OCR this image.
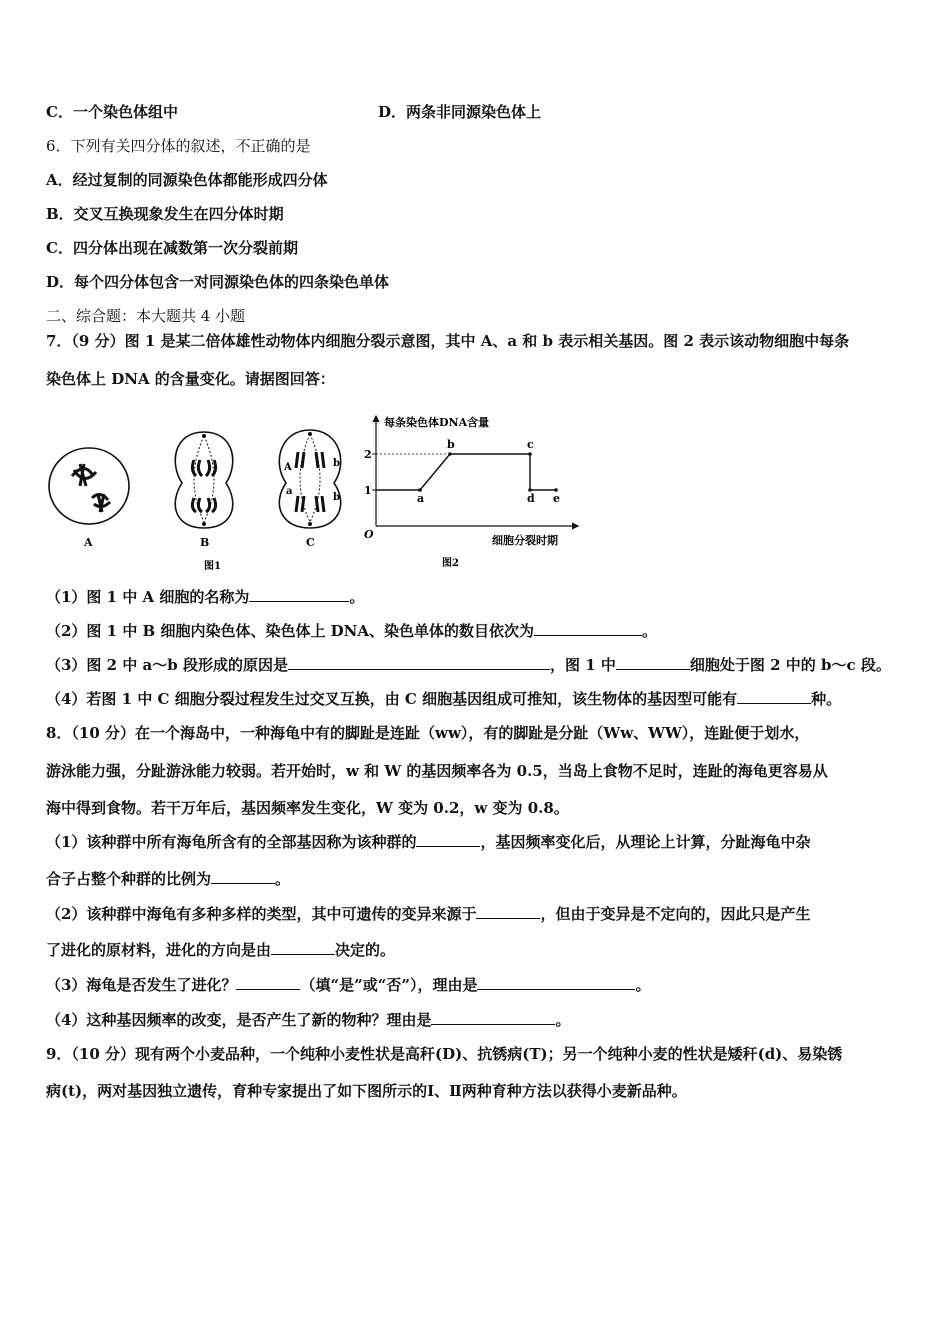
C．一个染色体组中	D．两条非同源染色体上
6．下列有关四分体的叙述，不正确的是
A．经过复制的同源染色体都能形成四分体
B．交叉互换现象发生在四分体时期
C．四分体出现在减数第一次分裂前期
D．每个四分体包含一对同源染色体的四条染色单体
二、综合题：本大题共 4 小题
7．（9 分）图 1 是某二倍体雄性动物体内细胞分裂示意图，其中 A、a 和 b 表示相关基因。图 2 表示该动物细胞中每条
染色体上 DNA 的含量变化。请据图回答：
A	B
图1
A
a
b
b
C
每条染色体DNA含量
细胞分裂时期
O
图2
1
2
a
b	c
d e
（1）图 1 中 A 细胞的名称为	。
（2）图 1 中 B 细胞内染色体、染色体上 DNA、染色单体的数目依次为	。
（3）图 2 中 a～b 段形成的原因是	，图 1 中	细胞处于图 2 中的 b～c 段。
（4）若图 1 中 C 细胞分裂过程发生过交叉互换，由 C 细胞基因组成可推知，该生物体的基因型可能有	种。
8．（10 分）在一个海岛中，一种海龟中有的脚趾是连趾（ww），有的脚趾是分趾（Ww、WW），连趾便于划水，
游泳能力强，分趾游泳能力较弱。若开始时，w 和 W 的基因频率各为 0.5，当岛上食物不足时，连趾的海龟更容易从
海中得到食物。若干万年后，基因频率发生变化，W 变为 0.2，w 变为 0.8。
（1）该种群中所有海龟所含有的全部基因称为该种群的	，基因频率变化后，从理论上计算，分趾海龟中杂
合子占整个种群的比例为	。
（2）该种群中海龟有多种多样的类型，其中可遗传的变异来源于	，但由于变异是不定向的，因此只是产生
了进化的原材料，进化的方向是由	决定的。
（3）海龟是否发生了进化？	（填“是”或“否”），理由是	。
（4）这种基因频率的改变，是否产生了新的物种？理由是	。
9．（10 分）现有两个小麦品种，一个纯种小麦性状是高秆(D)、抗锈病(T)；另一个纯种小麦的性状是矮秆(d)、易染锈
病(t)，两对基因独立遗传，育种专家提出了如下图所示的Ⅰ、Ⅱ两种育种方法以获得小麦新品种。
